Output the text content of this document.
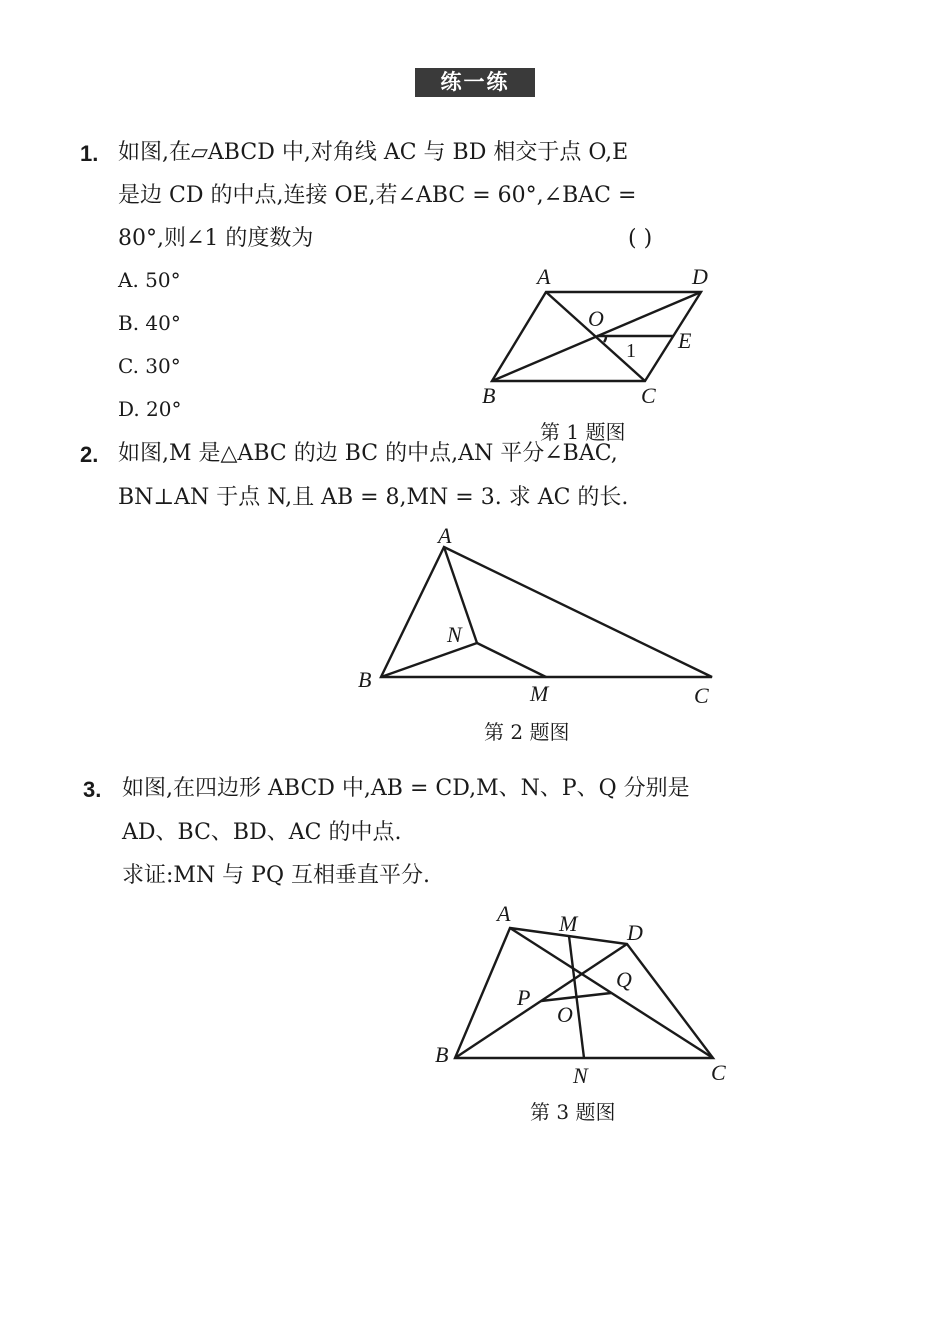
练一练
1. 如图,在▱ABCD 中,对角线 AC 与 BD 相交于点 O,E
是边 CD 的中点,连接 OE,若∠ABC = 60°,∠BAC =
80°,则∠1 的度数为	( )
A. 50°
B. 40°
C. 30°
D. 20°
A	D
O
E
B	C
1
A
N
B
M	C
A M D
Q
P
O
B
N	C
第 1 题图
2. 如图,M 是△ABC 的边 BC 的中点,AN 平分∠BAC,
BN⊥AN 于点 N,且 AB = 8,MN = 3. 求 AC 的长.
第 2 题图
3. 如图,在四边形 ABCD 中,AB = CD,M、N、P、Q 分别是
AD、BC、BD、AC 的中点.
求证:MN 与 PQ 互相垂直平分.
第 3 题图
